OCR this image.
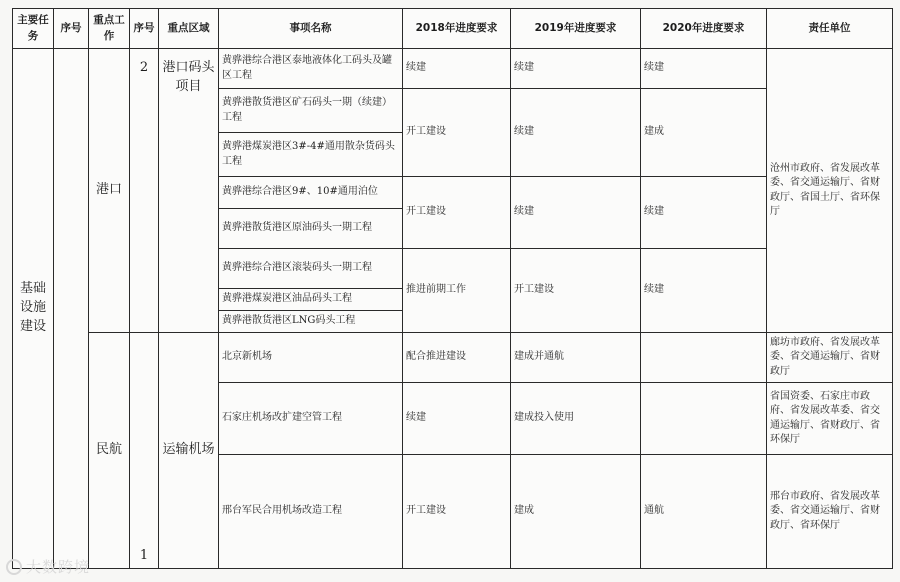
主要任务	序号	重点工作	序号	重点区域	事项名称	2018年进度要求	2019年进度要求	2020年进度要求	责任单位
基础设施建设		港口	2	港口码头项目	黄骅港综合港区泰地液体化工码头及罐区工程	续建	续建	续建	沧州市政府、省发展改革委、省交通运输厅、省财政厅、省国土厅、省环保厅
					黄骅港散货港区矿石码头一期（续建）工程	开工建设	续建	建成	
					黄骅港煤炭港区3#-4#通用散杂货码头工程				
					黄骅港综合港区9#、10#通用泊位	开工建设	续建	续建	
					黄骅港散货港区原油码头一期工程				
					黄骅港综合港区滚装码头一期工程	推进前期工作	开工建设	续建	
					黄骅港煤炭港区油品码头工程				
					黄骅港散货港区LNG码头工程				
		民航	1	运输机场	北京新机场	配合推进建设	建成并通航		廊坊市政府、省发展改革委、省交通运输厅、省财政厅
					石家庄机场改扩建空管工程	续建	建成投入使用		省国资委、石家庄市政府、省发展改革委、省交通运输厅、省财政厅、省环保厅
					邢台军民合用机场改造工程	开工建设	建成	通航	邢台市政府、省发展改革委、省交通运输厅、省财政厅、省环保厅
大数跨境
